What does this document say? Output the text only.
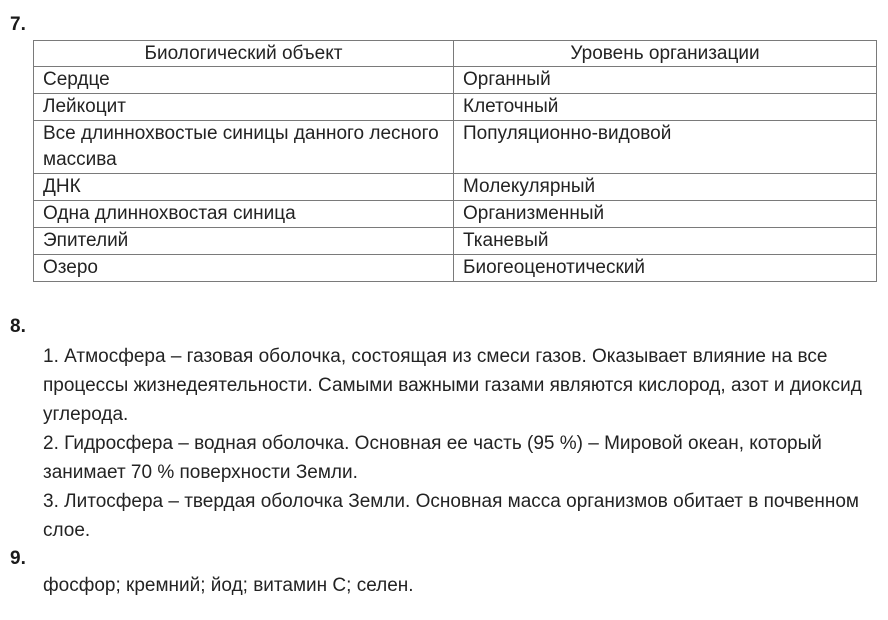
7.
Биологический объект	Уровень организации
Сердце	Органный
Лейкоцит	Клеточный
Все длиннохвостые синицы данного лесного массива	Популяционно-видовой
ДНК	Молекулярный
Одна длиннохвостая синица	Организменный
Эпителий	Тканевый
Озеро	Биогеоценотический
8.

1. Атмосфера – газовая оболочка, состоящая из смеси газов. Оказывает влияние на все процессы жизнедеятельности. Самыми важными газами являются кислород, азот и диоксид углерода.

2. Гидросфера – водная оболочка. Основная ее часть (95 %) – Мировой океан, который занимает 70 % поверхности Земли.

3. Литосфера – твердая оболочка Земли. Основная масса организмов обитает в почвенном слое.

9.
фосфор; кремний; йод; витамин С; селен.
